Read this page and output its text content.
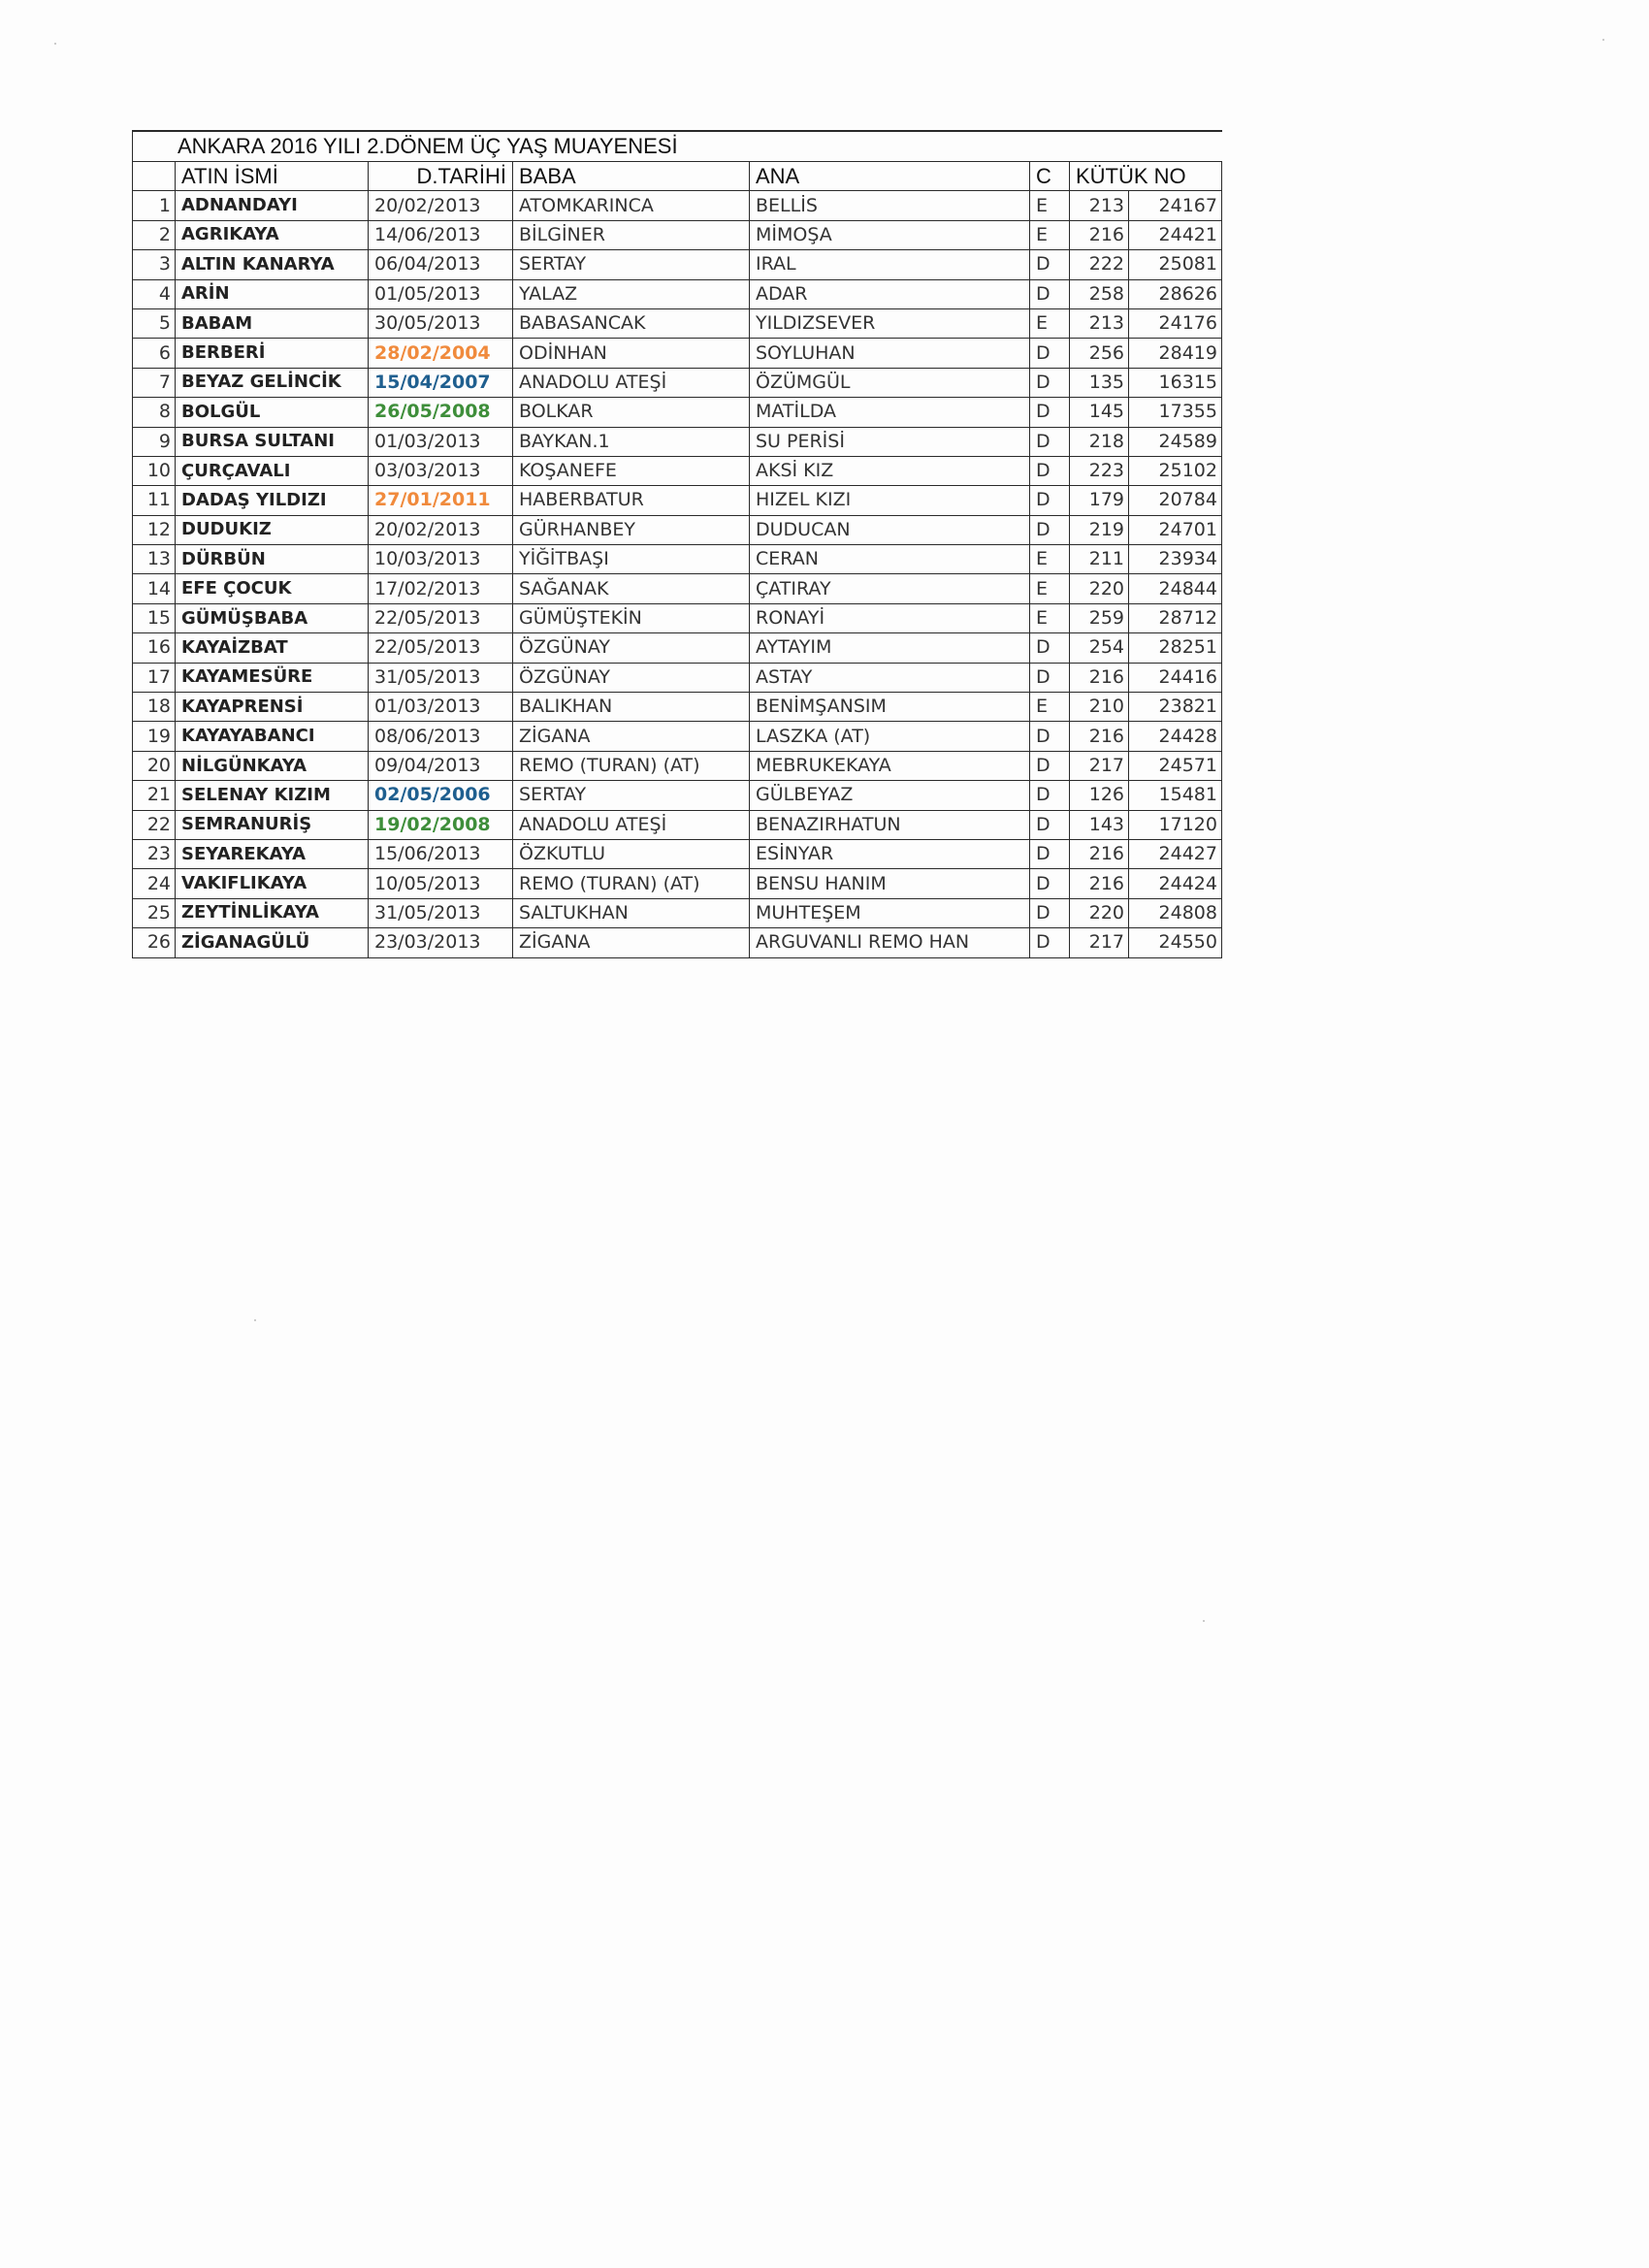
ANKARA 2016 YILI 2.DÖNEM ÜÇ YAŞ MUAYENESİ							
	ATIN İSMİ	D.TARİHİ	BABA	ANA	C	KÜTÜK NO	
1	ADNANDAYI	20/02/2013	ATOMKARINCA	BELLİS	E	213	24167
2	AGRIKAYA	14/06/2013	BİLGİNER	MİMOŞA	E	216	24421
3	ALTIN KANARYA	06/04/2013	SERTAY	IRAL	D	222	25081
4	ARİN	01/05/2013	YALAZ	ADAR	D	258	28626
5	BABAM	30/05/2013	BABASANCAK	YILDIZSEVER	E	213	24176
6	BERBERİ	28/02/2004	ODİNHAN	SOYLUHAN	D	256	28419
7	BEYAZ GELİNCİK	15/04/2007	ANADOLU ATEŞİ	ÖZÜMGÜL	D	135	16315
8	BOLGÜL	26/05/2008	BOLKAR	MATİLDA	D	145	17355
9	BURSA SULTANI	01/03/2013	BAYKAN.1	SU PERİSİ	D	218	24589
10	ÇURÇAVALI	03/03/2013	KOŞANEFE	AKSİ KIZ	D	223	25102
11	DADAŞ YILDIZI	27/01/2011	HABERBATUR	HIZEL KIZI	D	179	20784
12	DUDUKIZ	20/02/2013	GÜRHANBEY	DUDUCAN	D	219	24701
13	DÜRBÜN	10/03/2013	YİĞİTBAŞI	CERAN	E	211	23934
14	EFE ÇOCUK	17/02/2013	SAĞANAK	ÇATIRAY	E	220	24844
15	GÜMÜŞBABA	22/05/2013	GÜMÜŞTEKİN	RONAYİ	E	259	28712
16	KAYAİZBAT	22/05/2013	ÖZGÜNAY	AYTAYIM	D	254	28251
17	KAYAMESÜRE	31/05/2013	ÖZGÜNAY	ASTAY	D	216	24416
18	KAYAPRENSİ	01/03/2013	BALIKHAN	BENİMŞANSIM	E	210	23821
19	KAYAYABANCI	08/06/2013	ZİGANA	LASZKA (AT)	D	216	24428
20	NİLGÜNKAYA	09/04/2013	REMO (TURAN) (AT)	MEBRUKEKAYA	D	217	24571
21	SELENAY KIZIM	02/05/2006	SERTAY	GÜLBEYAZ	D	126	15481
22	SEMRANURİŞ	19/02/2008	ANADOLU ATEŞİ	BENAZIRHATUN	D	143	17120
23	SEYAREKAYA	15/06/2013	ÖZKUTLU	ESİNYAR	D	216	24427
24	VAKIFLIKAYA	10/05/2013	REMO (TURAN) (AT)	BENSU HANIM	D	216	24424
25	ZEYTİNLİKAYA	31/05/2013	SALTUKHAN	MUHTEŞEM	D	220	24808
26	ZİGANAGÜLÜ	23/03/2013	ZİGANA	ARGUVANLI REMO HAN	D	217	24550
